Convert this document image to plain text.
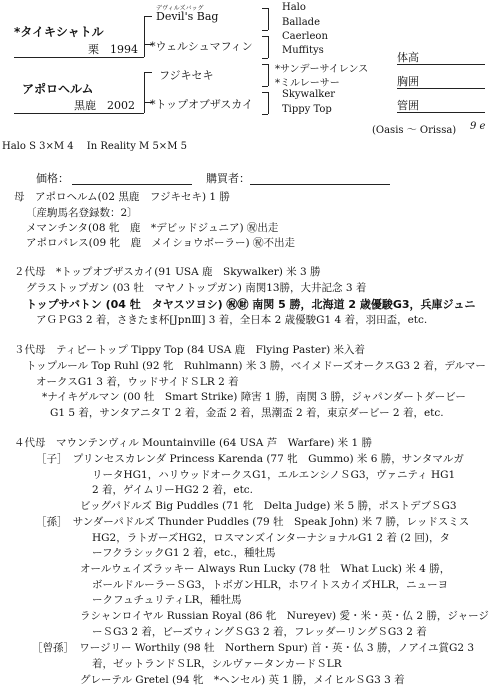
*タイキシャトル
栗　1994
アポロヘルム
黒鹿　2002
デヴィルズバッグ
Devil's Bag
*ウェルシュマフィン
フジキセキ
*トップオブザスカイ
Halo
Ballade
Caerleon
Muffitys
*サンデーサイレンス
*ミルレーサー
Skywalker
Tippy Top
体高
胸囲
管囲
(Oasis 〜 Orissa) 9 e
Halo S 3×M 4　 In Reality M 5×M 5
価格：	購買者：
母　アポロヘルム(02 黒鹿　フジキセキ) 1 勝
〔産駒馬名登録数：2〕
メマンチンタ(08 牝　鹿　*デビッドジュニア) ㊗出走
アポロパレス(09 牝　鹿　メイショウボーラー) ㊗不出走
２代母　*トップオブザスカイ(91 USA 鹿　Skywalker) 米 3 勝
グラストップガン (03 牡　マヤノトップガン) 南関13勝，大井記念 3 着
トップサバトン (04 牡　タヤスツヨシ) ㊗㊖ 南関 5 勝，北海道 2 歳優駿G3，兵庫ジュニ
アＧＰG3 2 着，さきたま杯[JpnⅢ] 3 着，全日本 2 歳優駿G1 4 着，羽田盃，etc.
３代母　ティピートップ Tippy Top (84 USA 鹿　Flying Paster) 米入着
トップルール Top Ruhl (92 牝　Ruhlmann) 米 3 勝，ベイメドーズオークスG3 2 着，デルマー
オークスG1 3 着，ウッドサイドＳLR 2 着
*ナイキゲルマン (00 牡　Smart Strike) 障害 1 勝，南関 3 勝，ジャパンダートダービー
G1 5 着，サンタアニタＴ 2 着，金盃 2 着，黒潮盃 2 着，東京ダービー 2 着，etc.
４代母　マウンテンヴィル Mountainville (64 USA 芦　Warfare) 米 1 勝
［子］　プリンセスカレンダ Princess Karenda (77 牝　Gummo) 米 6 勝，サンタマルガ
リータHG1，ハリウッドオークスG1，エルエンシノＳG3，ヴァニティ HG1
2 着，ゲイムリーHG2 2 着，etc.
ビッグパドルズ Big Puddles (71 牝　Delta Judge) 米 5 勝，ポストデブＳG3
［孫］　サンダーパドルズ Thunder Puddles (79 牡　Speak John) 米 7 勝，レッドスミス
HG2，ラトガーズHG2，ロスマンズインターナショナルG1 2 着 (2 回)，タ
ーフクラシックG1 2 着，etc.，種牡馬
オールウェイズラッキー Always Run Lucky (78 牡　What Luck) 米 4 勝，
ボールドルーラーＳG3，トボガンHLR，ホワイトスカイズHLR，ニューヨ
ークフュチュリティLR，種牡馬
ラシャンロイヤル Russian Royal (86 牝　Nureyev) 愛・米・英・仏 2 勝，ジャージ
ーＳG3 2 着，ビーズウィングＳG3 2 着，フレッダーリングＳG3 2 着
［曾孫］　ワージリー Worthily (98 牡　Northern Spur) 首・英・仏 3 勝，ノアイユ賞G2 3
着，ゼットランドＳLR，シルヴァータンカードＳLR
グレーテル Gretel (94 牝　*ヘンセル) 英 1 勝，メイヒルＳG3 3 着
